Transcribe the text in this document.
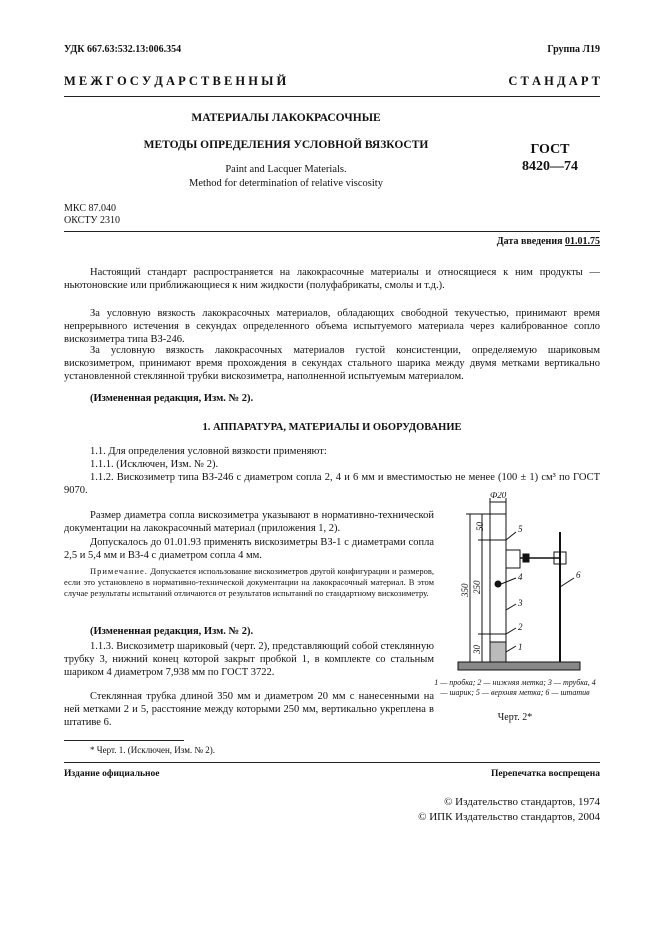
УДК 667.63:532.13:006.354	Группа Л19
М Е Ж Г О С У Д А Р С Т В Е Н Н Ы Й	С Т А Н Д А Р Т
МАТЕРИАЛЫ ЛАКОКРАСОЧНЫЕ
МЕТОДЫ ОПРЕДЕЛЕНИЯ УСЛОВНОЙ ВЯЗКОСТИ
Paint and Lacquer Materials.
Method for determination of relative viscosity
ГОСТ
8420—74
МКС 87.040
ОКСТУ 2310
Дата введения 01.01.75
Настоящий стандарт распространяется на лакокрасочные материалы и относящиеся к ним продукты — ньютоновские или приближающиеся к ним жидкости (полуфабрикаты, смолы и т.д.).
За условную вязкость лакокрасочных материалов, обладающих свободной текучестью, принимают время непрерывного истечения в секундах определенного объема испытуемого материала через калиброванное сопло вискозиметра типа ВЗ-246.
За условную вязкость лакокрасочных материалов густой консистенции, определяемую шариковым вискозиметром, принимают время прохождения в секундах стального шарика между двумя метками вертикально установленной стеклянной трубки вискозиметра, наполненной испытуемым материалом.
(Измененная редакция, Изм. № 2).
1. АППАРАТУРА, МАТЕРИАЛЫ И ОБОРУДОВАНИЕ
1.1. Для определения условной вязкости применяют:
1.1.1. (Исключен, Изм. № 2).
1.1.2. Вискозиметр типа ВЗ-246 с диаметром сопла 2, 4 и 6 мм и вместимостью не менее (100 ± 1) см³ по ГОСТ 9070.
Размер диаметра сопла вискозиметра указывают в нормативно-технической документации на лакокрасочный материал (приложения 1, 2).
Допускалось до 01.01.93 применять вискозиметры ВЗ-1 с диаметрами сопла 2,5 и 5,4 мм и ВЗ-4 с диаметром сопла 4 мм.
Примечание. Допускается использование вискозиметров другой конфигурации и размеров, если это установлено в нормативно-технической документации на лакокрасочный материал. В этом случае результаты испытаний отличаются от результатов испытаний по стандартному вискозиметру.
(Измененная редакция, Изм. № 2).
1.1.3. Вискозиметр шариковый (черт. 2), представляющий собой стеклянную трубку 3, нижний конец которой закрыт пробкой 1, в комплекте со стальным шариком 4 диаметром 7,938 мм по ГОСТ 3722.
Стеклянная трубка длиной 350 мм и диаметром 20 мм с нанесенными на ней метками 2 и 5, расстояние между которыми 250 мм, вертикально укреплена в штативе 6.
Ф20
50
350 250
30
5
4
3
2
1
6
1 — пробка; 2 — нижняя метка; 3 — трубка, 4 — шарик; 5 — верхняя метка; 6 — штатив
Черт. 2*
* Черт. 1. (Исключен, Изм. № 2).
Издание официальное	Перепечатка воспрещена
© Издательство стандартов, 1974
© ИПК Издательство стандартов, 2004
